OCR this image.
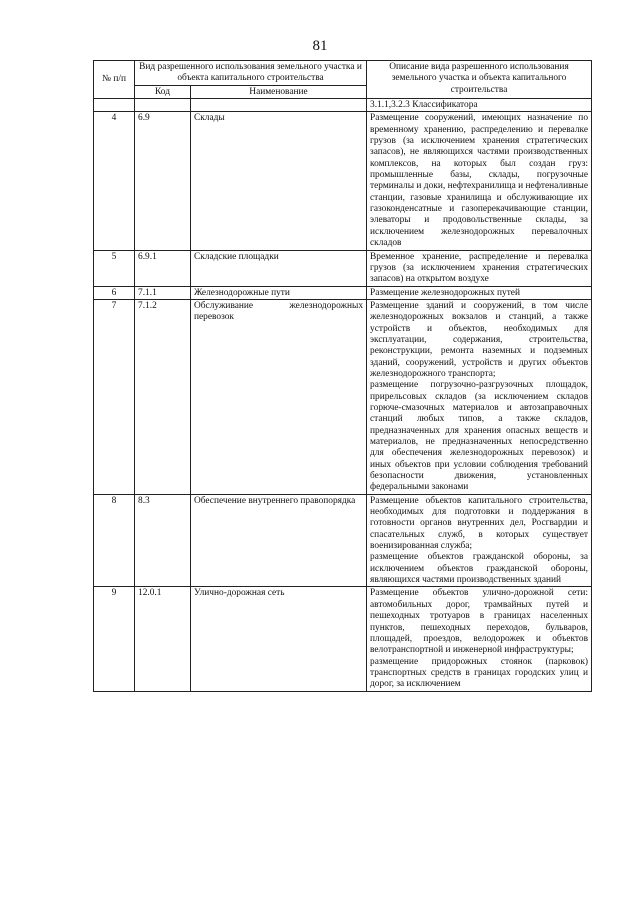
81
№ п/п	Вид разрешенного использования земельного участка и объекта капитального строительства		Описание вида разрешенного использования земельного участка и объекта капитального строительства
	Код	Наименование	
			3.1.1,3.2.3 Классификатора
4	6.9	Склады	Размещение сооружений, имеющих назначение по временному хранению, распределению и перевалке грузов (за исключением хранения стратегических запасов), не являющихся частями производственных комплексов, на которых был создан груз: промышленные базы, склады, погрузочные терминалы и доки, нефтехранилища и нефтеналивные станции, газовые хранилища и обслуживающие их газоконденсатные и газоперекачивающие станции, элеваторы и продовольственные склады, за исключением железнодорожных перевалочных складов

5	6.9.1	Складские площадки	Временное хранение, распределение и перевалка грузов (за исключением хранения стратегических запасов) на открытом воздухе

6	7.1.1	Железнодорожные пути	Размещение железнодорожных путей

7	7.1.2	Обслуживание железнодорожных перевозок	Размещение зданий и сооружений, в том числе железнодорожных вокзалов и станций, а также устройств и объектов, необходимых для эксплуатации, содержания, строительства, реконструкции, ремонта наземных и подземных зданий, сооружений, устройств и других объектов железнодорожного транспорта;
размещение погрузочно-разгрузочных площадок, прирельсовых складов (за исключением складов горюче-смазочных материалов и автозаправочных станций любых типов, а также складов, предназначенных для хранения опасных веществ и материалов, не предназначенных непосредственно для обеспечения железнодорожных перевозок) и иных объектов при условии соблюдения требований безопасности движения, установленных федеральными законами

8	8.3	Обеспечение внутреннего правопорядка	Размещение объектов капитального строительства, необходимых для подготовки и поддержания в готовности органов внутренних дел, Росгвардии и спасательных служб, в которых существует военизированная служба;
размещение объектов гражданской обороны, за исключением объектов гражданской обороны, являющихся частями производственных зданий

9	12.0.1	Улично-дорожная сеть	Размещение объектов улично-дорожной сети: автомобильных дорог, трамвайных путей и пешеходных тротуаров в границах населенных пунктов, пешеходных переходов, бульваров, площадей, проездов, велодорожек и объектов велотранспортной и инженерной инфраструктуры;
размещение придорожных стоянок (парковок) транспортных средств в границах городских улиц и дорог, за исключением
